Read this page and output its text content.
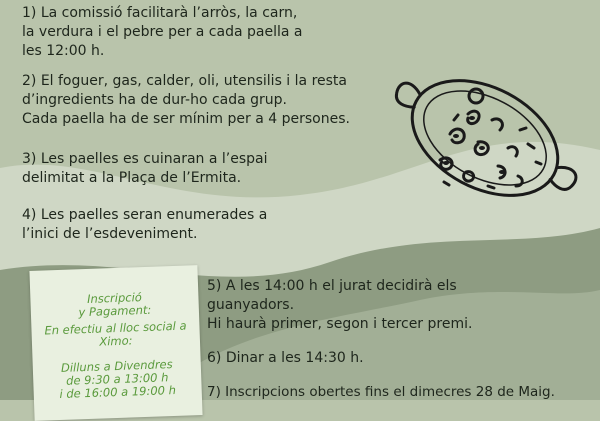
1) La comissió facilitarà l’arròs, la carn,
la verdura i el pebre per a cada paella a
les 12:00 h.
2) El foguer, gas, calder, oli, utensilis i la resta
d’ingredients ha de dur-ho cada grup.
Cada paella ha de ser mínim per a 4 persones.
3) Les paelles es cuinaran a l’espai
delimitat a la Plaça de l’Ermita.
4) Les paelles seran enumerades a
l’inici de l’esdeveniment.
5) A les 14:00 h el jurat decidirà els
guanyadors.
Hi haurà primer, segon i tercer premi.
6) Dinar a les 14:30 h.
7) Inscripcions obertes fins el dimecres 28 de Maig.
Inscripció
y Pagament:
En efectiu al lloc social a
Ximo:
Dilluns a Divendres
de 9:30 a 13:00 h
i de 16:00 a 19:00 h
